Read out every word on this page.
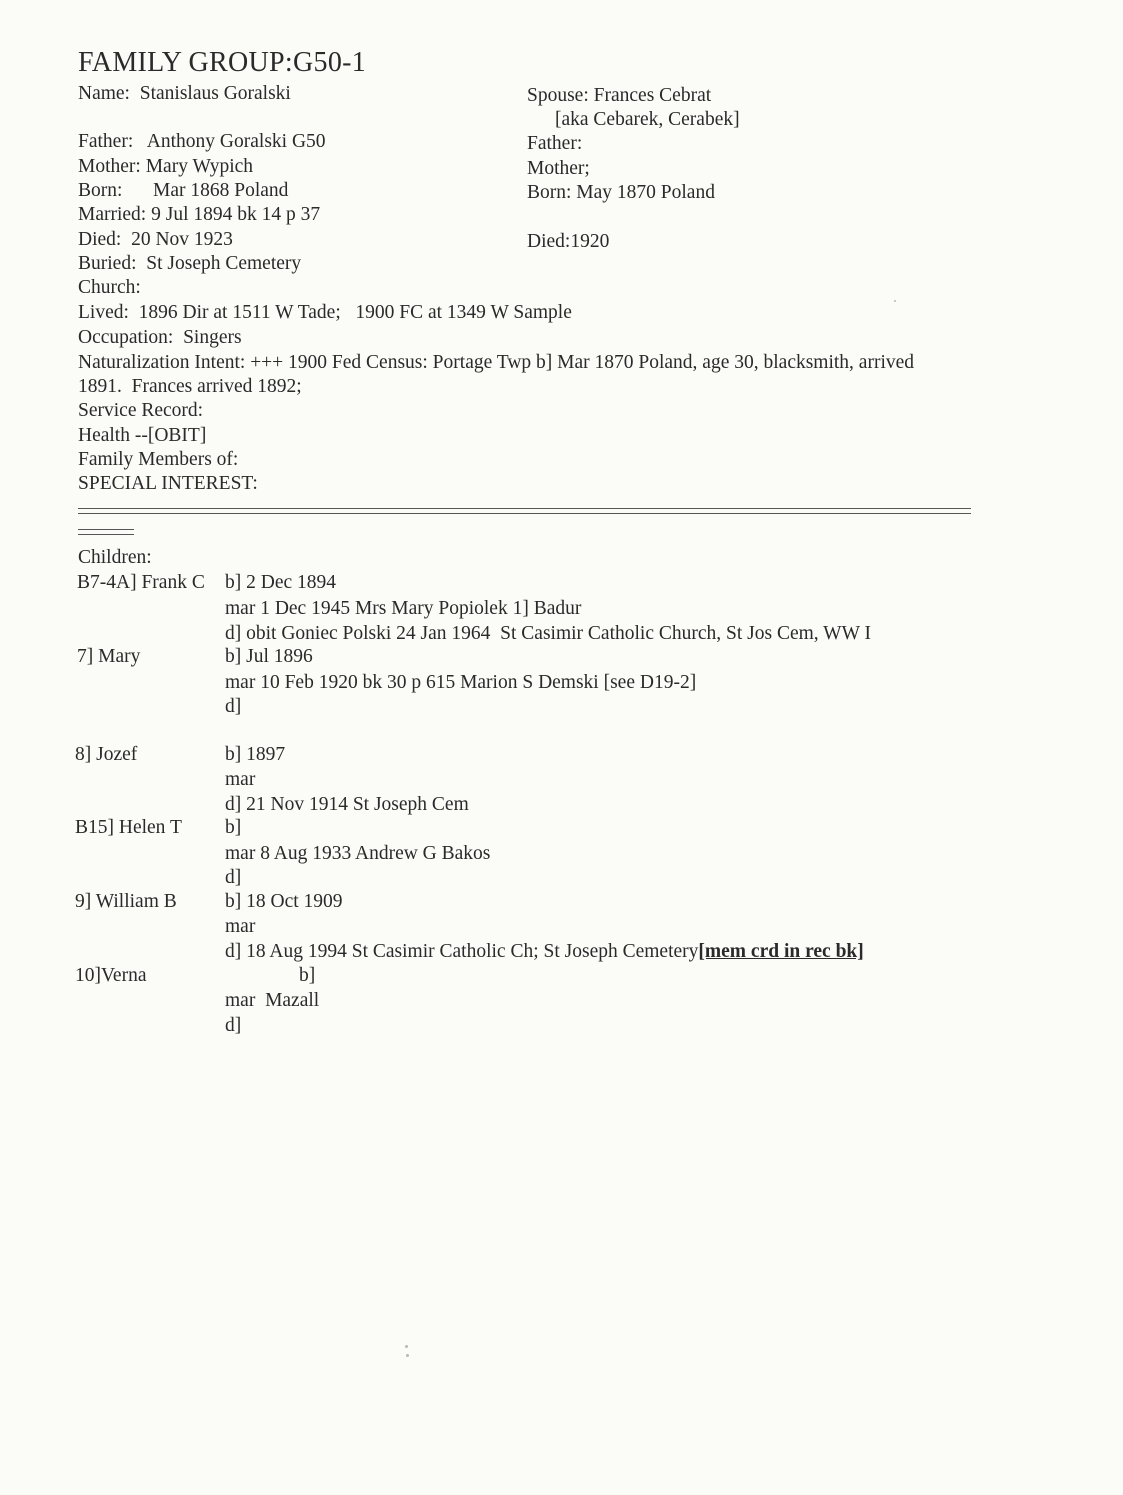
FAMILY GROUP:G50-1
Name: Stanislaus Goralski
Father: Anthony Goralski G50
Mother: Mary Wypich
Born: Mar 1868 Poland
Married: 9 Jul 1894 bk 14 p 37
Died: 20 Nov 1923
Buried: St Joseph Cemetery
Church:
Spouse: Frances Cebrat
[aka Cebarek, Cerabek]
Father:
Mother;
Born: May 1870 Poland
Died:1920
Lived: 1896 Dir at 1511 W Tade;   1900 FC at 1349 W Sample
Occupation: Singers
Naturalization Intent: +++ 1900 Fed Census: Portage Twp b] Mar 1870 Poland, age 30, blacksmith, arrived
1891.  Frances arrived 1892;
Service Record:
Health --[OBIT]
Family Members of:
SPECIAL INTEREST:
Children:
B7-4A] Frank C b] 2 Dec 1894
mar 1 Dec 1945 Mrs Mary Popiolek 1] Badur
d] obit Goniec Polski 24 Jan 1964  St Casimir Catholic Church, St Jos Cem, WW I
7] Mary	b] Jul 1896
mar 10 Feb 1920 bk 30 p 615 Marion S Demski [see D19-2]
d]
8] Jozef	b] 1897
mar
d] 21 Nov 1914 St Joseph Cem
B15] Helen T b]
mar 8 Aug 1933 Andrew G Bakos
d]
9] William B b] 18 Oct 1909
mar
d] 18 Aug 1994 St Casimir Catholic Ch; St Joseph Cemetery[mem crd in rec bk]
10]Verna	b]
mar  Mazall
d]
